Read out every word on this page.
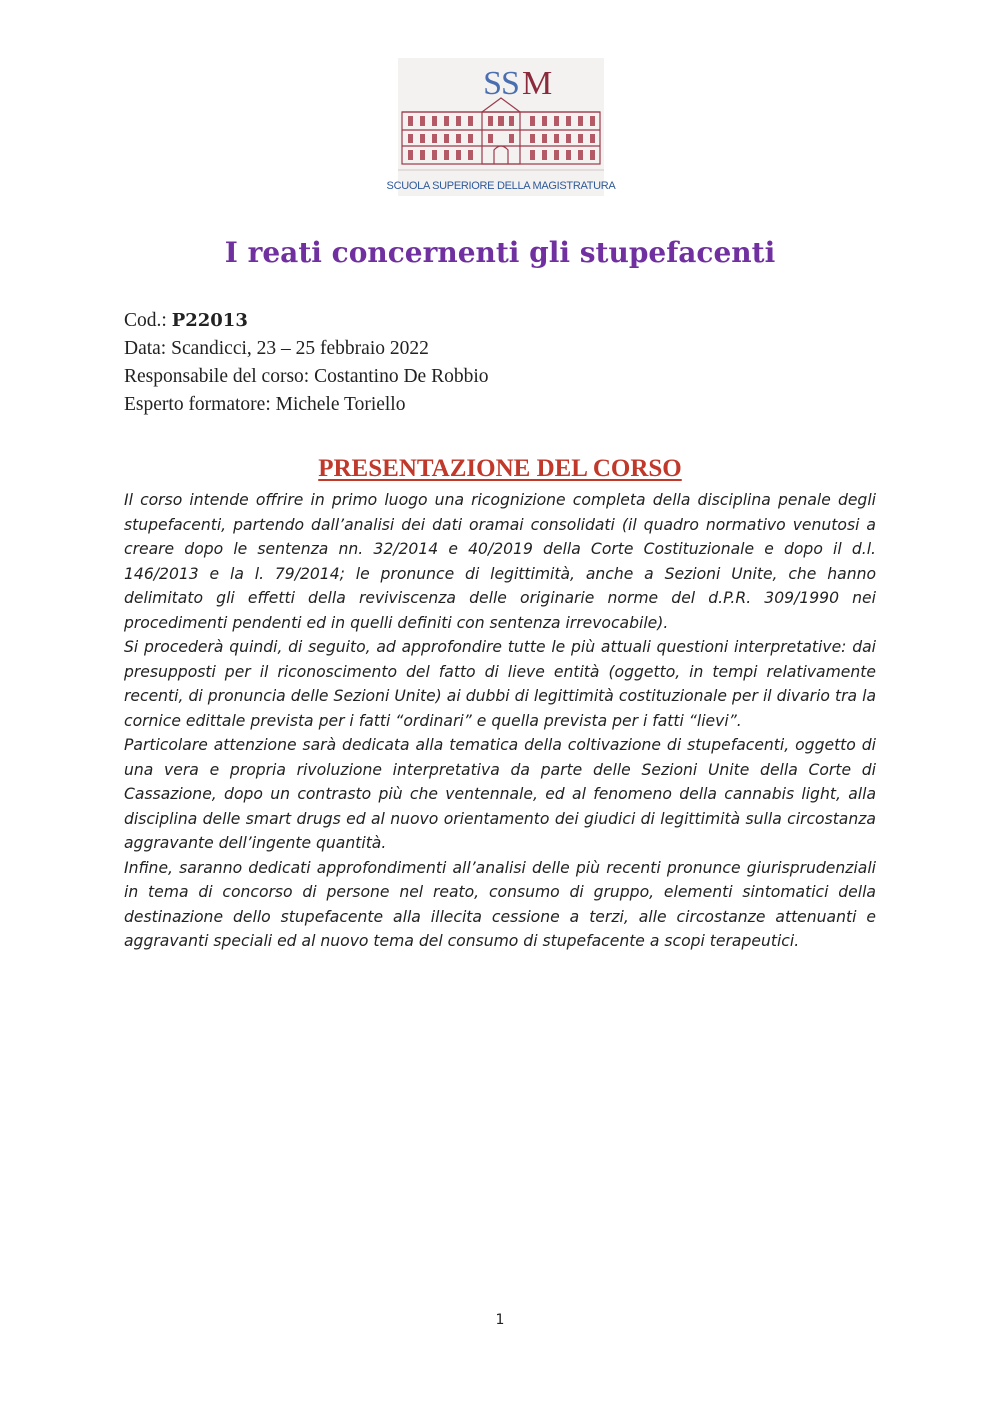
SS M
SCUOLA SUPERIORE DELLA MAGISTRATURA
I reati concernenti gli stupefacenti
Cod.: P22013
Data: Scandicci, 23 – 25 febbraio 2022
Responsabile del corso: Costantino De Robbio
Esperto formatore: Michele Toriello
PRESENTAZIONE DEL CORSO

Il corso intende offrire in primo luogo una ricognizione completa della disciplina penale degli stupefacenti, partendo dall’analisi dei dati oramai consolidati (il quadro normativo venutosi a creare dopo le sentenza nn. 32/2014 e 40/2019 della Corte Costituzionale e dopo il d.l. 146/2013 e la l. 79/2014; le pronunce di legittimità, anche a Sezioni Unite, che hanno delimitato gli effetti della reviviscenza delle originarie norme del d.P.R. 309/1990 nei procedimenti pendenti ed in quelli definiti con sentenza irrevocabile).

Si procederà quindi, di seguito, ad approfondire tutte le più attuali questioni interpretative: dai presupposti per il riconoscimento del fatto di lieve entità (oggetto, in tempi relativamente recenti, di pronuncia delle Sezioni Unite) ai dubbi di legittimità costituzionale per il divario tra la cornice edittale prevista per i fatti “ordinari” e quella prevista per i fatti “lievi”.

Particolare attenzione sarà dedicata alla tematica della coltivazione di stupefacenti, oggetto di una vera e propria rivoluzione interpretativa da parte delle Sezioni Unite della Corte di Cassazione, dopo un contrasto più che ventennale, ed al fenomeno della cannabis light, alla disciplina delle smart drugs ed al nuovo orientamento dei giudici di legittimità sulla circostanza aggravante dell’ingente quantità.

Infine, saranno dedicati approfondimenti all’analisi delle più recenti pronunce giurisprudenziali in tema di concorso di persone nel reato, consumo di gruppo, elementi sintomatici della destinazione dello stupefacente alla illecita cessione a terzi, alle circostanze attenuanti e aggravanti speciali ed al nuovo tema del consumo di stupefacente a scopi terapeutici.

1
